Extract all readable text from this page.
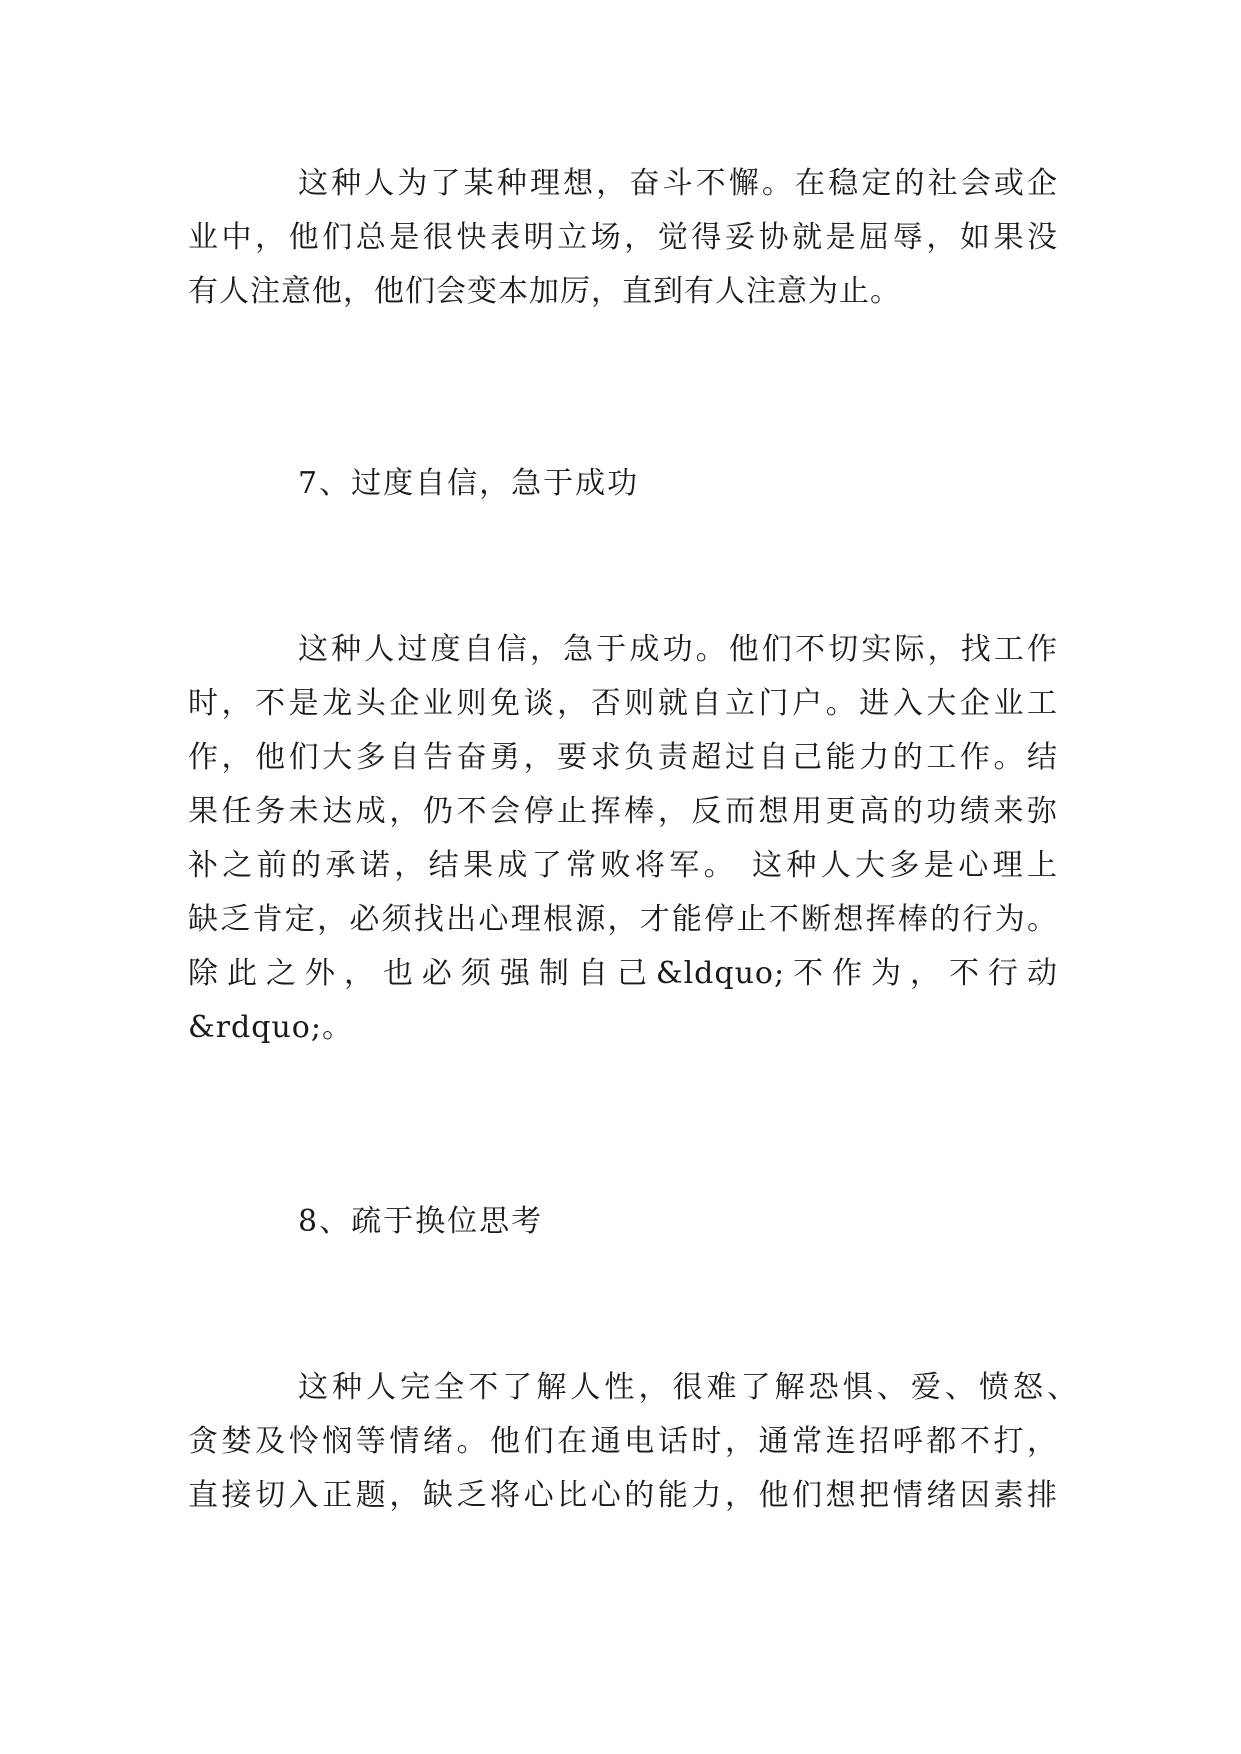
这种人为了某种理想，奋斗不懈。在稳定的社会或企
业中，他们总是很快表明立场，觉得妥协就是屈辱，如果没
有人注意他，他们会变本加厉，直到有人注意为止。
7、过度自信，急于成功
这种人过度自信，急于成功。他们不切实际，找工作
时，不是龙头企业则免谈，否则就自立门户。进入大企业工
作，他们大多自告奋勇，要求负责超过自己能力的工作。结
果任务未达成，仍不会停止挥棒，反而想用更高的功绩来弥
补之前的承诺，结果成了常败将军。 这种人大多是心理上
缺乏肯定，必须找出心理根源，才能停止不断想挥棒的行为。
除此之外，也必须强制自己&ldquo;不作为，不行动
&rdquo;。
8、疏于换位思考
这种人完全不了解人性，很难了解恐惧、爱、愤怒、
贪婪及怜悯等情绪。他们在通电话时，通常连招呼都不打，
直接切入正题，缺乏将心比心的能力，他们想把情绪因素排
